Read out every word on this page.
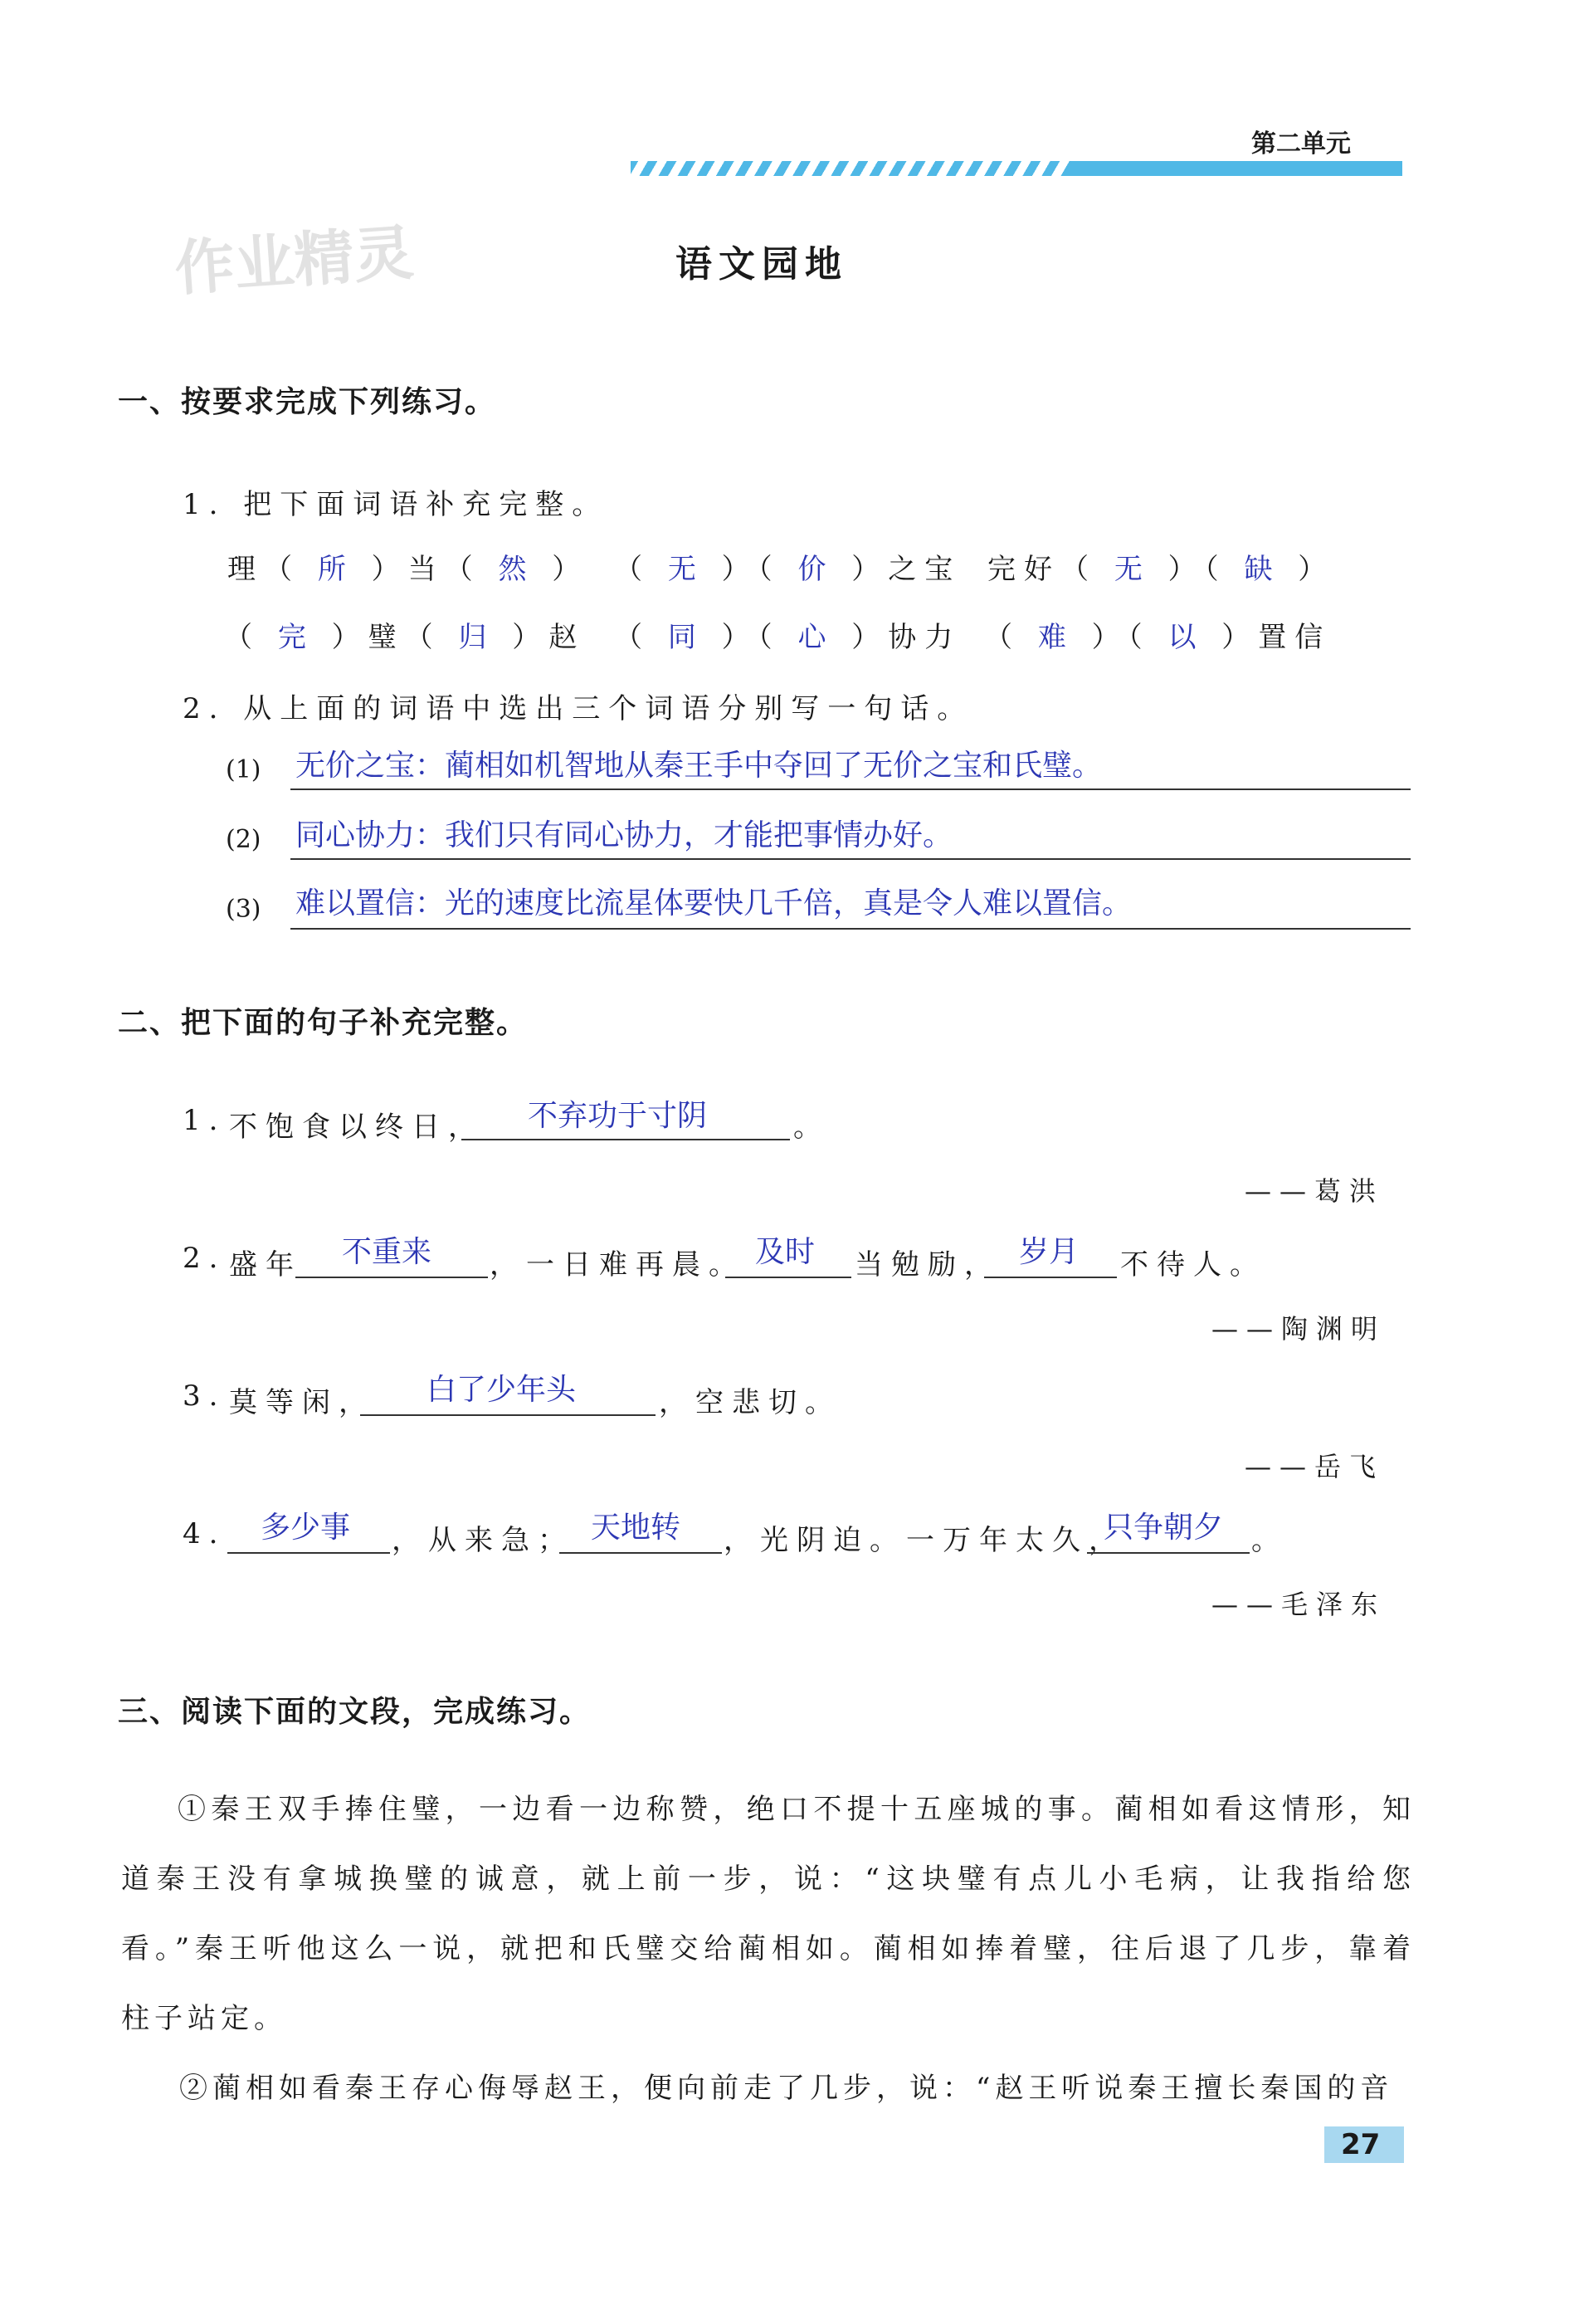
第二单元
作业精灵	语文园地
一、按要求完成下列练习。
1. 把下面词语补充完整。
理（ 所 ）当（ 然 ） （ 无 ）（ 价 ）之宝 完好（ 无 ）（ 缺 ）
（ 完 ）璧（ 归 ）赵 （ 同 ）（ 心 ）协力 （ 难 ）（ 以 ）置信
2. 从上面的词语中选出三个词语分别写一句话。
(1) 无价之宝：蔺相如机智地从秦王手中夺回了无价之宝和氏璧。
(2) 同心协力：我们只有同心协力，才能把事情办好。
(3) 难以置信：光的速度比流星体要快几千倍，真是令人难以置信。
二、把下面的句子补充完整。
1. 不饱食以终日， 不弃功于寸阴	。
——葛洪
2. 盛年 不重来 ，一日难再晨。 及时 当勉励， 岁月 不待人。
——陶渊明
3. 莫等闲， 白了少年头	，空悲切。
——岳飞
4. 多少事 ，从来急； 天地转 ，光阴迫。一万年太久，
只争朝夕 。
——毛泽东
三、阅读下面的文段，完成练习。
①秦王双手捧住璧，一边看一边称赞，绝口不提十五座城的事。蔺相如看这情形，知道秦王没有拿城换璧的诚意，就上前一步，说：“这块璧有点儿小毛病，让我指给您看。”秦王听他这么一说，就把和氏璧交给蔺相如。蔺相如捧着璧，往后退了几步，靠着柱子站定。
②蔺相如看秦王存心侮辱赵王，便向前走了几步，说：“赵王听说秦王擅长秦国的音
27
